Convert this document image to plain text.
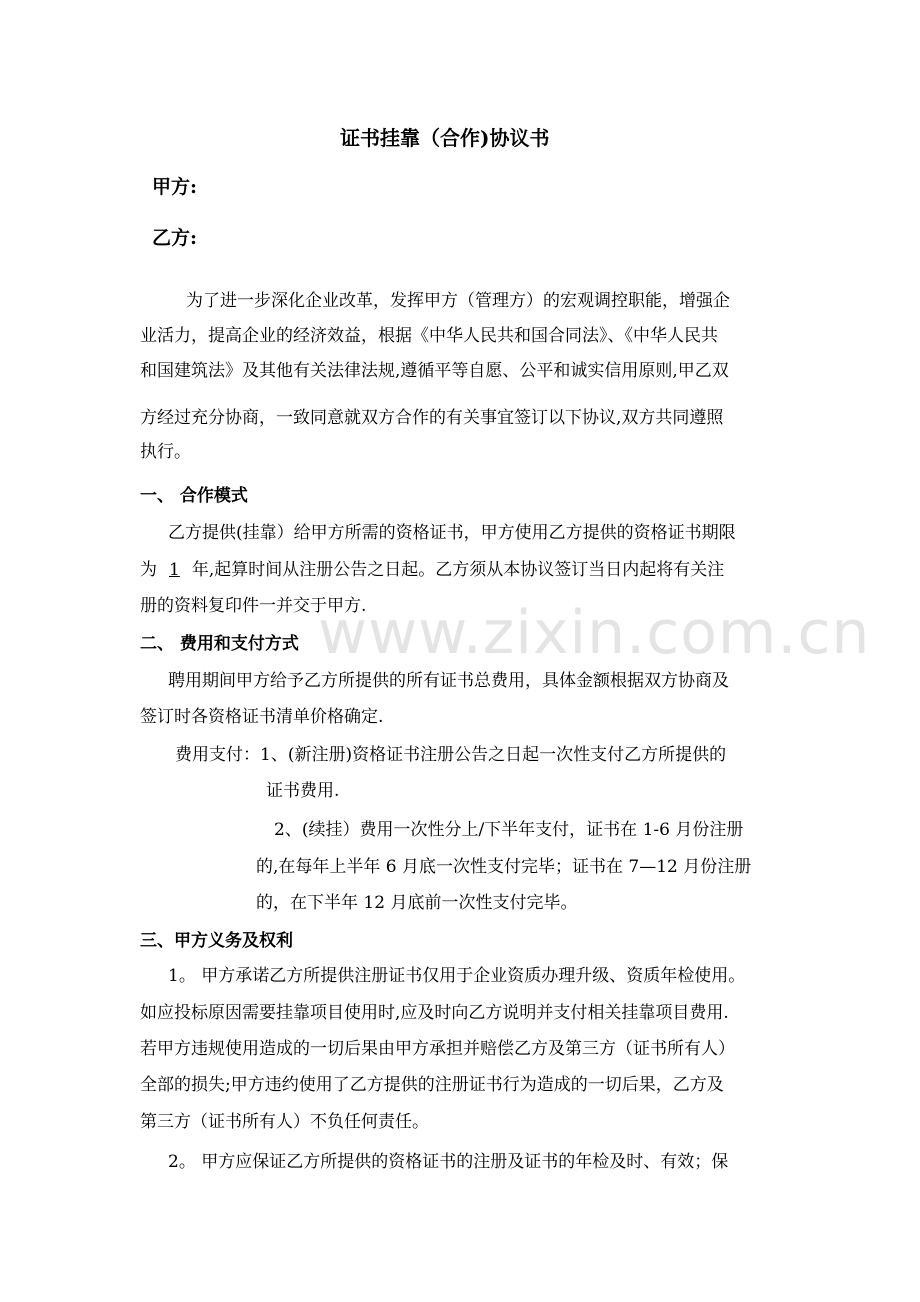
www.zixin.com.cn
证书挂靠（合作)协议书
甲方:
乙方:
为了进一步深化企业改革，发挥甲方（管理方）的宏观调控职能，增强企
业活力，提高企业的经济效益，根据《中华人民共和国合同法》、《中华人民共
和国建筑法》及其他有关法律法规,遵循平等自愿、公平和诚实信用原则,甲乙双
方经过充分协商，一致同意就双方合作的有关事宜签订以下协议,双方共同遵照
执行。
一、 合作模式
乙方提供(挂靠）给甲方所需的资格证书，甲方使用乙方提供的资格证书期限
为 1 年,起算时间从注册公告之日起。乙方须从本协议签订当日内起将有关注
册的资料复印件一并交于甲方.
二、 费用和支付方式
聘用期间甲方给予乙方所提供的所有证书总费用，具体金额根据双方协商及
签订时各资格证书清单价格确定.
费用支付：1、(新注册)资格证书注册公告之日起一次性支付乙方所提供的
证书费用.
2、(续挂）费用一次性分上/下半年支付，证书在 1-6 月份注册
的,在每年上半年 6 月底一次性支付完毕；证书在 7—12 月份注册
的，在下半年 12 月底前一次性支付完毕。
三、甲方义务及权利
1。 甲方承诺乙方所提供注册证书仅用于企业资质办理升级、资质年检使用。
如应投标原因需要挂靠项目使用时,应及时向乙方说明并支付相关挂靠项目费用.
若甲方违规使用造成的一切后果由甲方承担并赔偿乙方及第三方（证书所有人）
全部的损失;甲方违约使用了乙方提供的注册证书行为造成的一切后果，乙方及
第三方（证书所有人）不负任何责任。
2。 甲方应保证乙方所提供的资格证书的注册及证书的年检及时、有效；保
